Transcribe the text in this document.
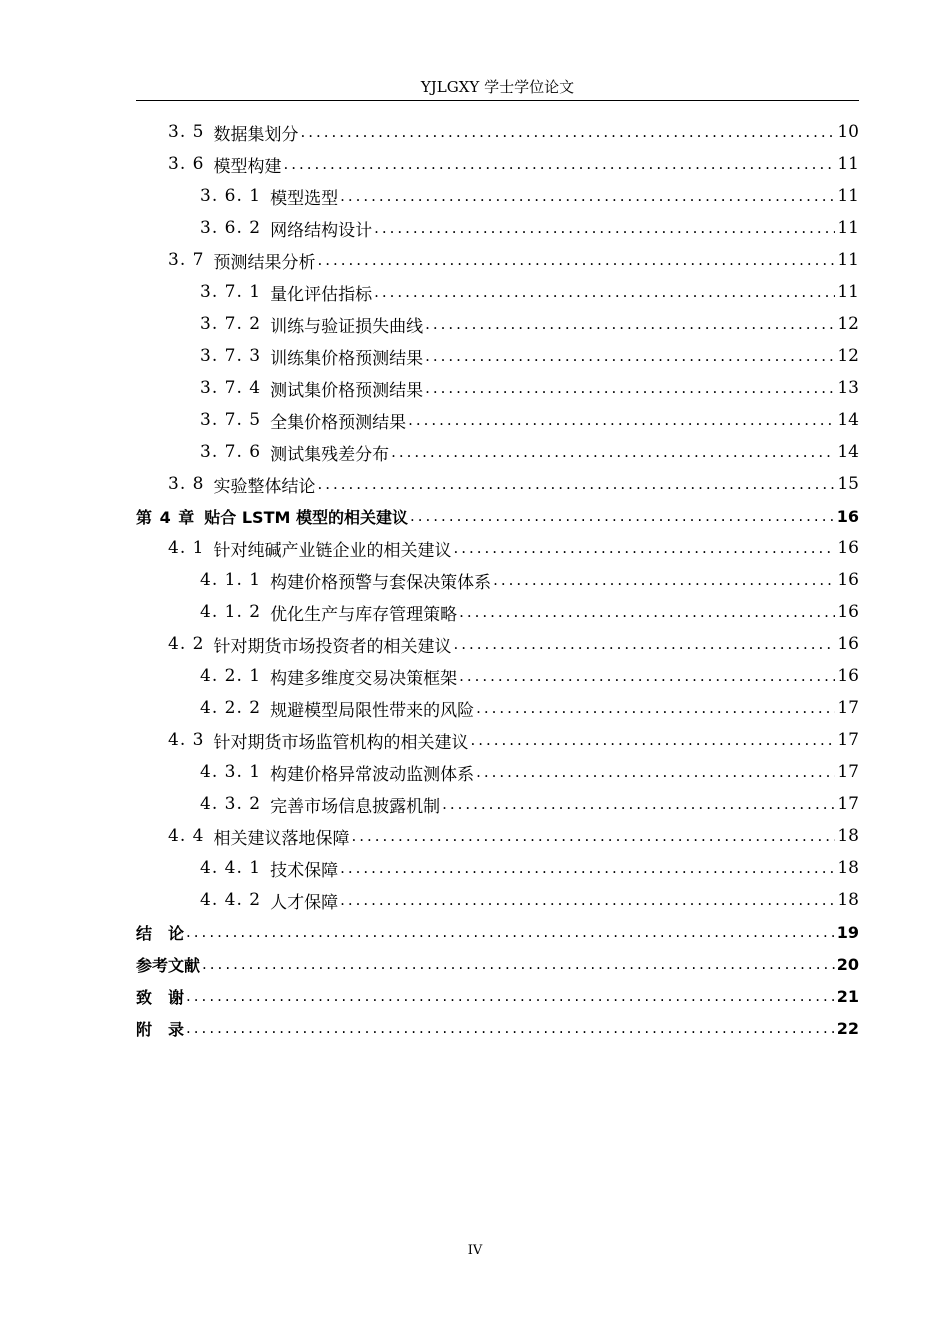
YJLGXY 学士学位论文
3. 5 数据集划分 .....	10
3. 6 模型构建 .....	11
3. 6. 1 模型选型 .....	11
3. 6. 2 网络结构设计 .....	11
3. 7 预测结果分析 .....	11
3. 7. 1 量化评估指标 .....	11
3. 7. 2 训练与验证损失曲线 .....	12
3. 7. 3 训练集价格预测结果 .....	12
3. 7. 4 测试集价格预测结果 .....	13
3. 7. 5 全集价格预测结果 .....	14
3. 7. 6 测试集残差分布 .....	14
3. 8 实验整体结论 .....	15
第 4 章 贴合 LSTM 模型的相关建议 .....	16
4. 1 针对纯碱产业链企业的相关建议 .....	16
4. 1. 1 构建价格预警与套保决策体系 .....	16
4. 1. 2 优化生产与库存管理策略 .....	16
4. 2 针对期货市场投资者的相关建议 .....	16
4. 2. 1 构建多维度交易决策框架 .....	16
4. 2. 2 规避模型局限性带来的风险 .....	17
4. 3 针对期货市场监管机构的相关建议 .....	17
4. 3. 1 构建价格异常波动监测体系 .....	17
4. 3. 2 完善市场信息披露机制 .....	17
4. 4 相关建议落地保障 .....	18
4. 4. 1 技术保障 .....	18
4. 4. 2 人才保障 .....	18
结　论 .....	19
参考文献 .....	20
致　谢 .....	21
附　录 .....	22
IV
